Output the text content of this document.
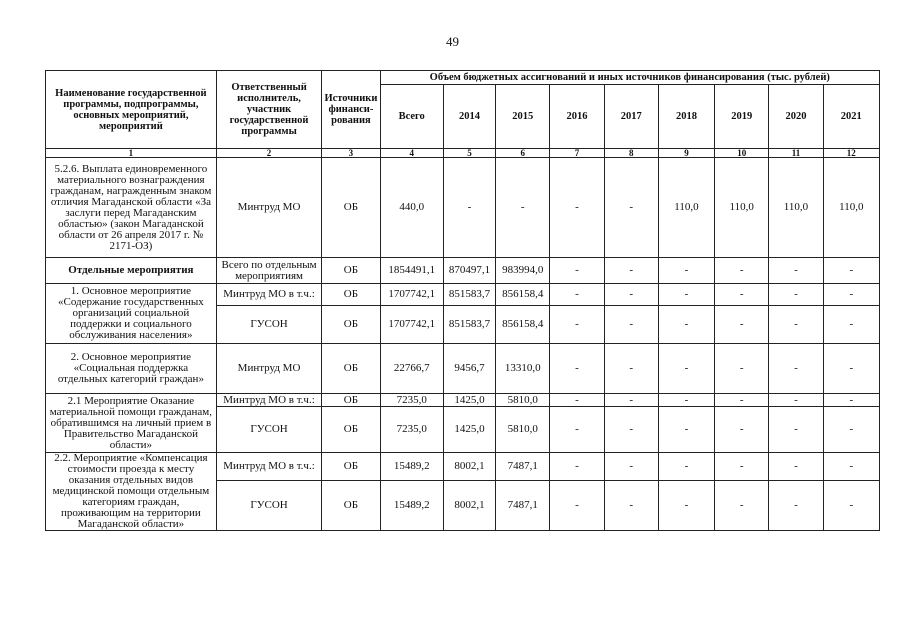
49
Наименование государственной программы, подпрограммы, основных мероприятий, мероприятий	Ответственный исполнитель, участник государственной программы	Источники финанси-рования	Объем бюджетных ассигнований и иных источников финансирования (тыс. рублей)								
			Всего	2014	2015	2016	2017	2018	2019	2020	2021
1	2	3	4	5	6	7	8	9	10	11	12
5.2.6. Выплата единовременного материального вознаграждения гражданам, награжденным знаком отличия Магаданской области «За заслуги перед Магаданским областью» (закон Магаданской области от 26 апреля 2017 г. № 2171-ОЗ)	Минтруд МО	ОБ	440,0	-	-	-	-	110,0	110,0	110,0	110,0
Отдельные мероприятия	Всего по отдельным мероприятиям	ОБ	1854491,1	870497,1	983994,0	-	-	-	-	-	-
1. Основное мероприятие «Содержание государственных организаций социальной поддержки и социального обслуживания населения»	Минтруд МО в т.ч.:	ОБ	1707742,1	851583,7	856158,4	-	-	-	-	-	-
	ГУСОН	ОБ	1707742,1	851583,7	856158,4	-	-	-	-	-	-
2. Основное мероприятие «Социальная поддержка отдельных категорий граждан»	Минтруд МО	ОБ	22766,7	9456,7	13310,0	-	-	-	-	-	-
2.1 Мероприятие Оказание материальной помощи гражданам, обратившимся на личный прием в Правительство Магаданской области»	Минтруд МО в т.ч.:	ОБ	7235,0	1425,0	5810,0	-	-	-	-	-	-
	ГУСОН	ОБ	7235,0	1425,0	5810,0	-	-	-	-	-	-
2.2. Мероприятие «Компенсация стоимости проезда к месту оказания отдельных видов медицинской помощи отдельным категориям граждан, проживающим на территории Магаданской области»	Минтруд МО в т.ч.:	ОБ	15489,2	8002,1	7487,1	-	-	-	-	-	-
	ГУСОН	ОБ	15489,2	8002,1	7487,1	-	-	-	-	-	-
